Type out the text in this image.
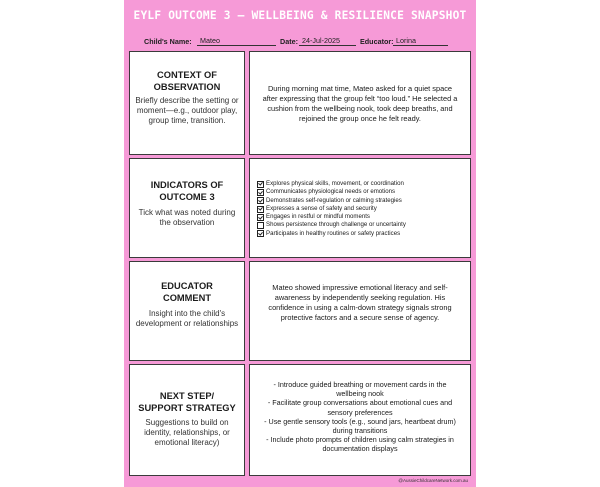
EYLF OUTCOME 3 — WELLBEING & RESILIENCE SNAPSHOT
Child's Name:	Mateo	Date: 24-Jul-2025	Educator: Lorina
CONTEXT OF
OBSERVATION
Briefly describe the setting or moment—e.g., outdoor play, group time, transition.
During morning mat time, Mateo asked for a quiet space after expressing that the group felt “too loud.” He selected a cushion from the wellbeing nook, took deep breaths, and rejoined the group once he felt ready.
INDICATORS OF
OUTCOME 3
Tick what was noted during the observation
Explores physical skills, movement, or coordination
Communicates physiological needs or emotions
Demonstrates self-regulation or calming strategies
Expresses a sense of safety and security
Engages in restful or mindful moments
Shows persistence through challenge or uncertainty
Participates in healthy routines or safety practices
EDUCATOR
COMMENT
Insight into the child's development or relationships
Mateo showed impressive emotional literacy and self-awareness by independently seeking regulation. His confidence in using a calm-down strategy signals strong protective factors and a secure sense of agency.
NEXT STEP/
SUPPORT STRATEGY
Suggestions to build on identity, relationships, or emotional literacy)
- Introduce guided breathing or movement cards in the wellbeing nook
- Facilitate group conversations about emotional cues and sensory preferences
- Use gentle sensory tools (e.g., sound jars, heartbeat drum) during transitions
- Include photo prompts of children using calm strategies in documentation displays
@AussieChildcareNetwork.com.au
